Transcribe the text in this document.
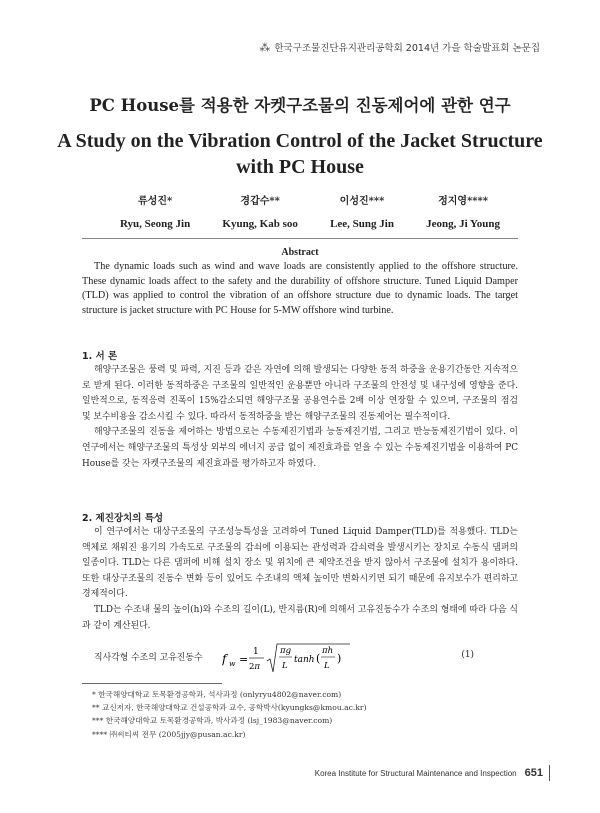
⁂ 한국구조물진단유지관리공학회 2014년 가을 학술발표회 논문집
PC House를 적용한 자켓구조물의 진동제어에 관한 연구
A Study on the Vibration Control of the Jacket Structure
with PC House
류성진*
Ryu, Seong Jin
경갑수**
Kyung, Kab soo
이성진***
Lee, Sung Jin
정지영****
Jeong, Ji Young
Abstract

The dynamic loads such as wind and wave loads are consistently applied to the offshore structure. These dynamic loads affect to the safety and the durability of offshore structure. Tuned Liquid Damper (TLD) was applied to control the vibration of an offshore structure due to dynamic loads. The target structure is jacket structure with PC House for 5-MW offshore wind turbine.

1. 서 론

해양구조물은 풍력 및 파력, 지진 등과 같은 자연에 의해 발생되는 다양한 동적 하중을 운용기간동안 지속적으로 받게 된다. 이러한 동적하중은 구조물의 일반적인 운용뿐만 아니라 구조물의 안전성 및 내구성에 영향을 준다. 일반적으로, 동적응력 진폭이 15%감소되면 해양구조물 공용연수를 2배 이상 연장할 수 있으며, 구조물의 점검 및 보수비용을 감소시킬 수 있다. 따라서 동적하중을 받는 해양구조물의 진동제어는 필수적이다.

해양구조물의 진동을 제어하는 방법으로는 수동제진기법과 능동제진기법, 그리고 반능동제진기법이 있다. 이 연구에서는 해양구조물의 특성상 외부의 에너지 공급 없이 제진효과를 얻을 수 있는 수동제진기법을 이용하여 PC House를 갖는 자켓구조물의 제진효과를 평가하고자 하였다.

2. 제진장치의 특성

이 연구에서는 대상구조물의 구조성능특성을 고려하여 Tuned Liquid Damper(TLD)를 적용했다. TLD는 액체로 채워진 용기의 가속도로 구조물의 감쇠에 이용되는 관성력과 감쇠력을 발생시키는 장치로 수동식 댐퍼의 일종이다. TLD는 다른 댐퍼에 비해 설치 장소 및 위치에 큰 제약조건을 받지 않아서 구조물에 설치가 용이하다. 또한 대상구조물의 진동수 변화 등이 있어도 수조내의 액체 높이만 변화시키면 되기 때문에 유지보수가 편리하고 경제적이다.

TLD는 수조내 물의 높이(h)와 수조의 길이(L), 반지름(R)에 의해서 고유진동수가 수조의 형태에 따라 다음 식과 같이 계산된다.

직사각형 수조의 고유진동수 f w =
1
2π
πg
L
tanh (
πh
L
)	(1)
* 한국해양대학교 토목환경공학과, 석사과정 (onlyryu4802@naver.com)
** 교신저자, 한국해양대학교 건설공학과 교수, 공학박사(kyungks@kmou.ac.kr)
*** 한국해양대학교 토목환경공학과, 박사과정 (lsj_1983@naver.com)
**** ㈜씨티씨 전무 (2005jjy@pusan.ac.kr)
Korea Institute for Structural Maintenance and Inspection 651
